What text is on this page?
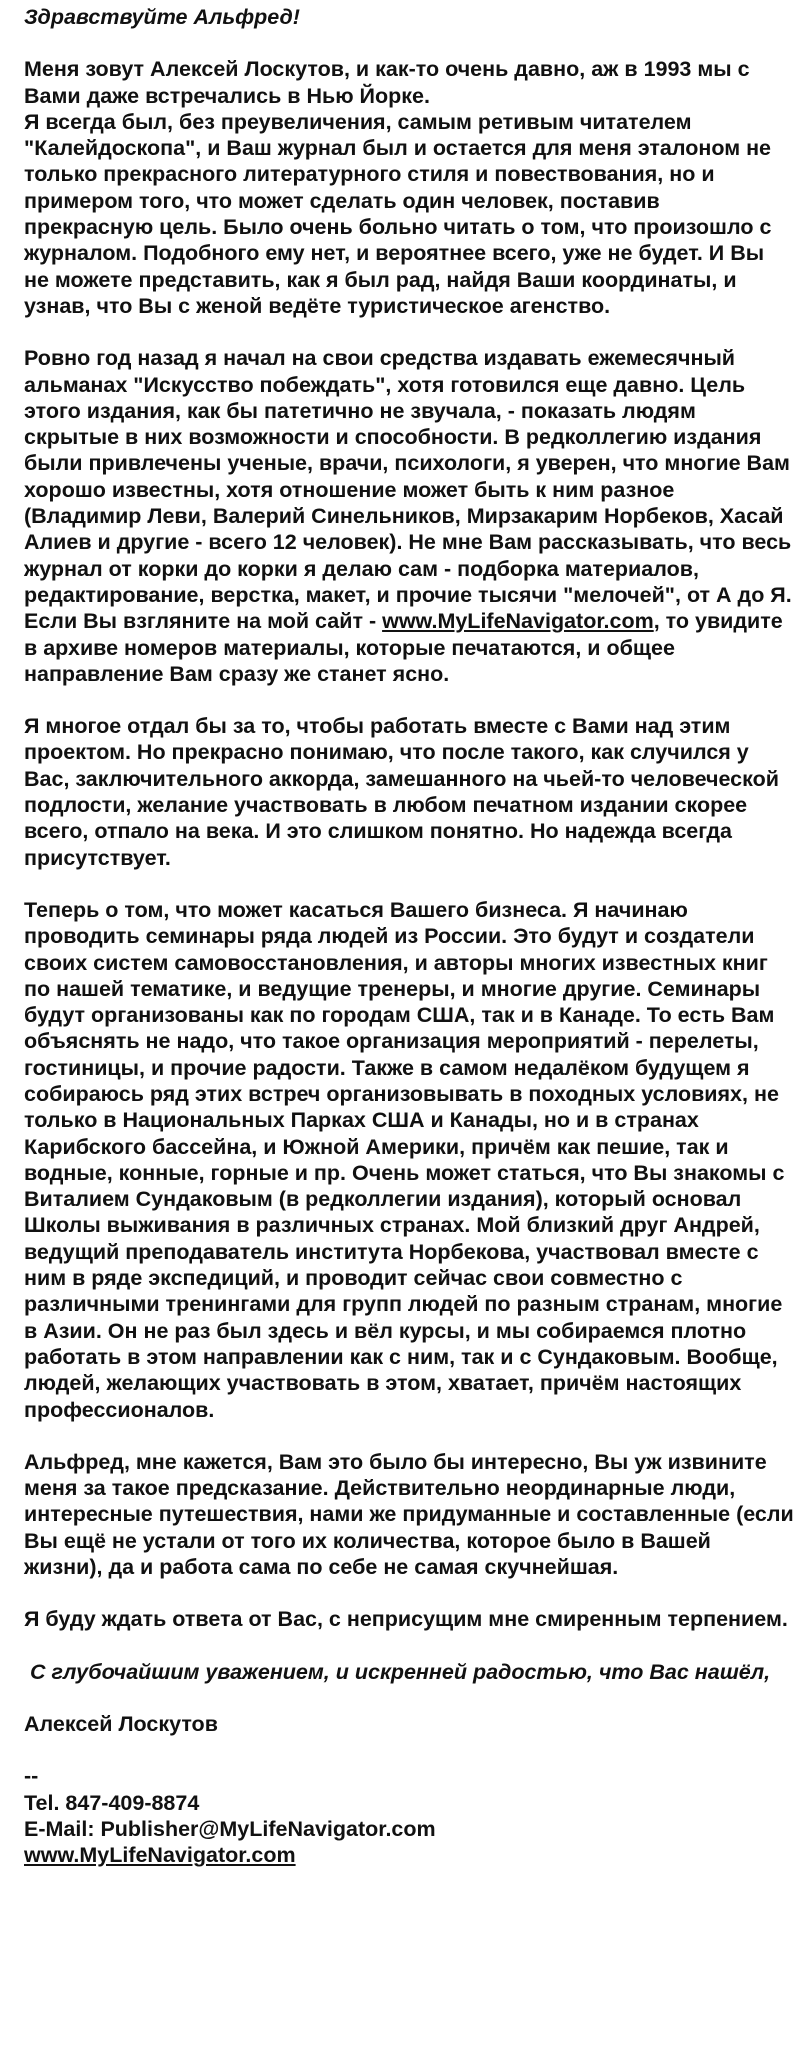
Здравствуйте Альфред!
Меня зовут Алексей Лоскутов, и как-то очень давно, аж в 1993 мы с Вами даже встречались в Нью Йорке.
Я всегда был, без преувеличения, самым ретивым читателем "Калейдоскопа", и Ваш журнал был и остается для меня эталоном не только прекрасного литературного стиля и повествования, но и примером того, что может сделать один человек, поставив прекрасную цель. Было очень больно читать о том, что произошло с журналом. Подобного ему нет, и вероятнее всего, уже не будет. И Вы не можете представить, как я был рад, найдя Ваши координаты, и узнав, что Вы с женой ведёте туристическое агенство.
Ровно год назад я начал на свои средства издавать ежемесячный альманах "Искусство побеждать", хотя готовился еще давно. Цель этого издания, как бы патетично не звучала, - показать людям скрытые в них возможности и способности. В редколлегию издания были привлечены ученые, врачи, психологи, я уверен, что многие Вам хорошо известны, хотя отношение может быть к ним разное (Владимир Леви, Валерий Синельников, Мирзакарим Норбеков, Хасай Алиев и другие - всего 12 человек). Не мне Вам рассказывать, что весь журнал от корки до корки я делаю сам - подборка материалов, редактирование, верстка, макет, и прочие тысячи "мелочей", от А до Я. Если Вы взгляните на мой сайт - www.MyLifeNavigator.com, то увидите в архиве номеров материалы, которые печатаются, и общее направление Вам сразу же станет ясно.
Я многое отдал бы за то, чтобы работать вместе с Вами над этим проектом. Но прекрасно понимаю, что после такого, как случился у Вас, заключительного аккорда, замешанного на чьей-то человеческой подлости, желание участвовать в любом печатном издании скорее всего, отпало на века. И это слишком понятно. Но надежда всегда присутствует.
Теперь о том, что может касаться Вашего бизнеса. Я начинаю проводить семинары ряда людей из России. Это будут и создатели своих систем самовосстановления, и авторы многих известных книг по нашей тематике, и ведущие тренеры, и многие другие. Семинары будут организованы как по городам США, так и в Канаде. То есть Вам объяснять не надо, что такое организация мероприятий - перелеты, гостиницы, и прочие радости. Также в самом недалёком будущем я собираюсь ряд этих встреч организовывать в походных условиях, не только в Национальных Парках США и Канады, но и в странах Карибского бассейна, и Южной Америки, причём как пешие, так и водные, конные, горные и пр. Очень может статься, что Вы знакомы с Виталием Сундаковым (в редколлегии издания), который основал Школы выживания в различных странах. Мой близкий друг Андрей, ведущий преподаватель института Норбекова, участвовал вместе с ним в ряде экспедиций, и проводит сейчас свои совместно с различными тренингами для групп людей по разным странам, многие в Азии. Он не раз был здесь и вёл курсы, и мы собираемся плотно работать в этом направлении как с ним, так и с Сундаковым. Вообще, людей, желающих участвовать в этом, хватает, причём настоящих профессионалов.
Альфред, мне кажется, Вам это было бы интересно, Вы уж извините меня за такое предсказание. Действительно неординарные люди, интересные путешествия, нами же придуманные и составленные (если Вы ещё не устали от того их количества, которое было в Вашей жизни), да и работа сама по себе не самая скучнейшая.
Я буду ждать ответа от Вас, с неприсущим мне смиренным терпением.
С глубочайшим уважением, и искренней радостью, что Вас нашёл,
Алексей Лоскутов
--
Tel. 847-409-8874
E-Mail: Publisher@MyLifeNavigator.com
www.MyLifeNavigator.com
